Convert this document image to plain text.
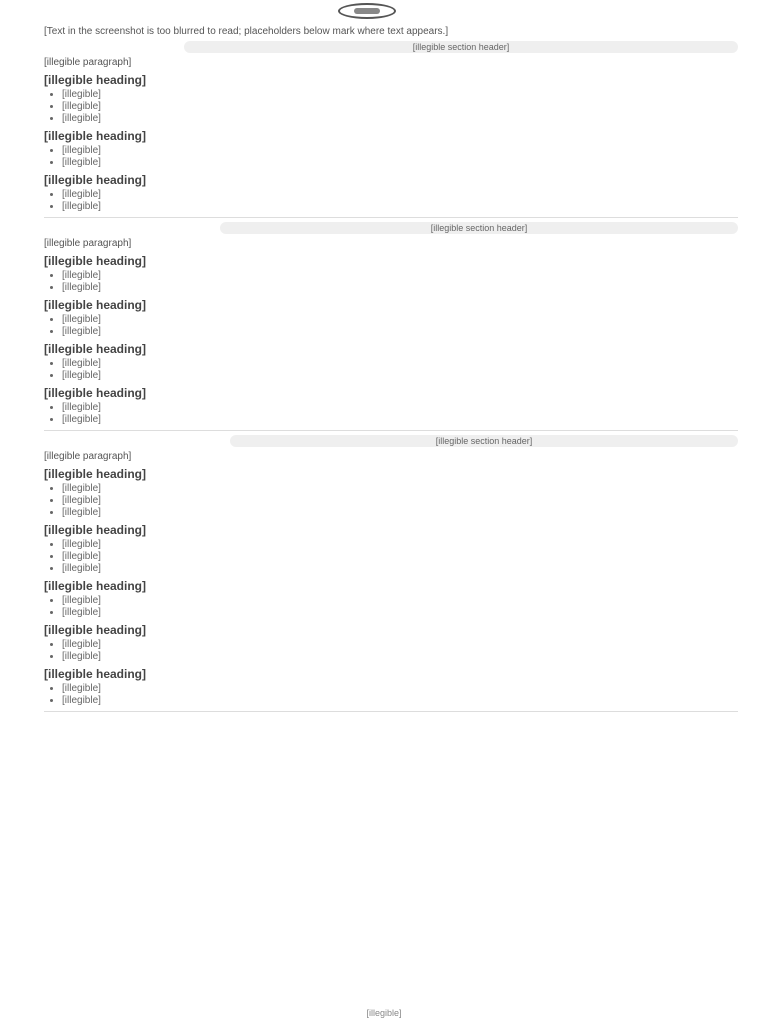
[Text in the screenshot is too blurred to read; placeholders below mark where text appears.]
[illegible section header]
[illegible paragraph]
[illegible heading]
• [illegible]
• [illegible]
• [illegible]
[illegible heading]
• [illegible]
• [illegible]
[illegible heading]
• [illegible]
• [illegible]
[illegible section header]
[illegible paragraph]
[illegible heading]
• [illegible]
• [illegible]
[illegible heading]
• [illegible]
• [illegible]
[illegible heading]
• [illegible]
• [illegible]
[illegible heading]
• [illegible]
• [illegible]
[illegible section header]
[illegible paragraph]
[illegible heading]
• [illegible]
• [illegible]
• [illegible]
[illegible heading]
• [illegible]
• [illegible]
• [illegible]
[illegible heading]
• [illegible]
• [illegible]
[illegible heading]
• [illegible]
• [illegible]
[illegible heading]
• [illegible]
• [illegible]
[illegible]
